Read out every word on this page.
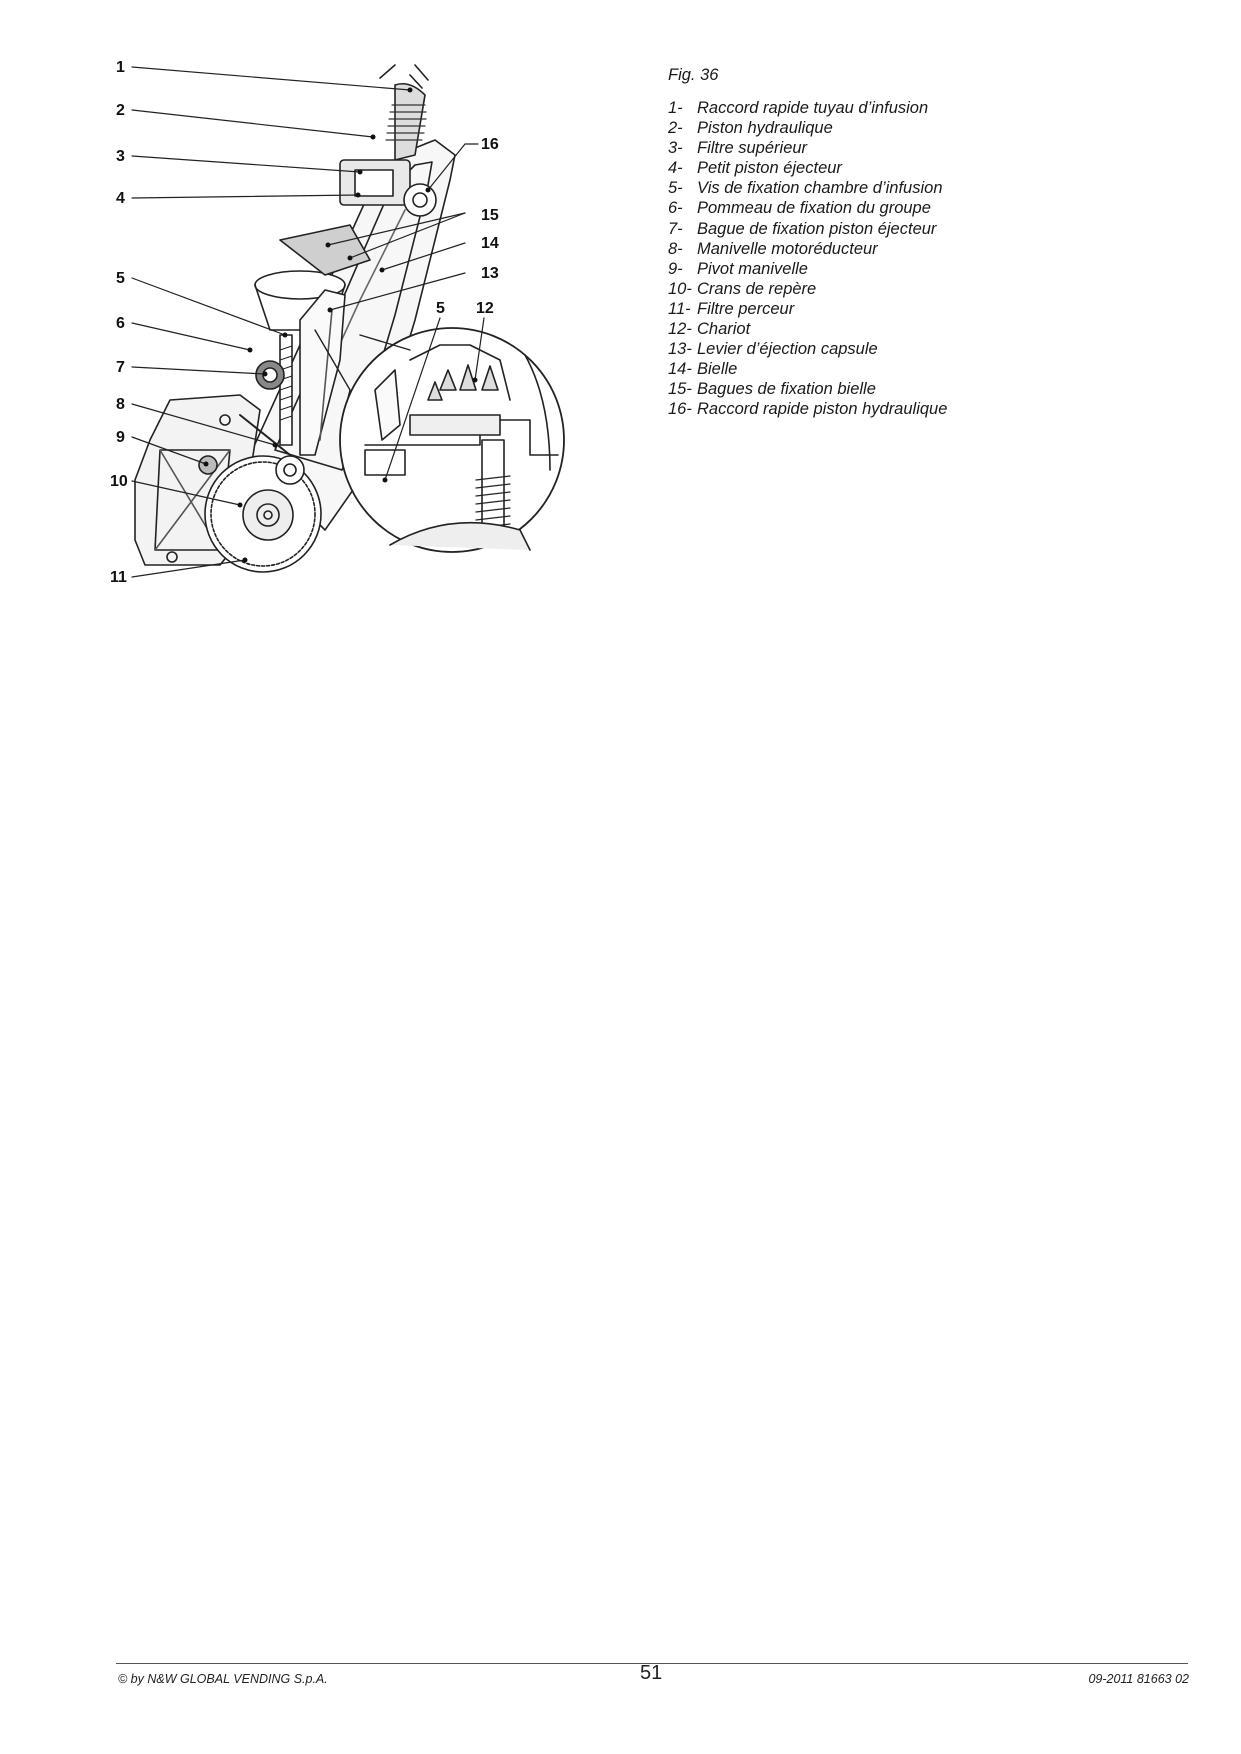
1
2
3
4
5
6
7
8
9
10
11
16
15
14
13
5 12
Fig. 36
1- Raccord rapide tuyau d’infusion
2- Piston hydraulique
3- Filtre supérieur
4- Petit piston éjecteur
5- Vis de fixation chambre d’infusion
6- Pommeau de fixation du groupe
7- Bague de fixation piston éjecteur
8- Manivelle motoréducteur
9- Pivot manivelle
10- Crans de repère
11- Filtre perceur
12- Chariot
13- Levier d’éjection capsule
14- Bielle
15- Bagues de fixation bielle
16- Raccord rapide piston hydraulique
© by N&W GLOBAL VENDING S.p.A.	51	09-2011 81663 02
